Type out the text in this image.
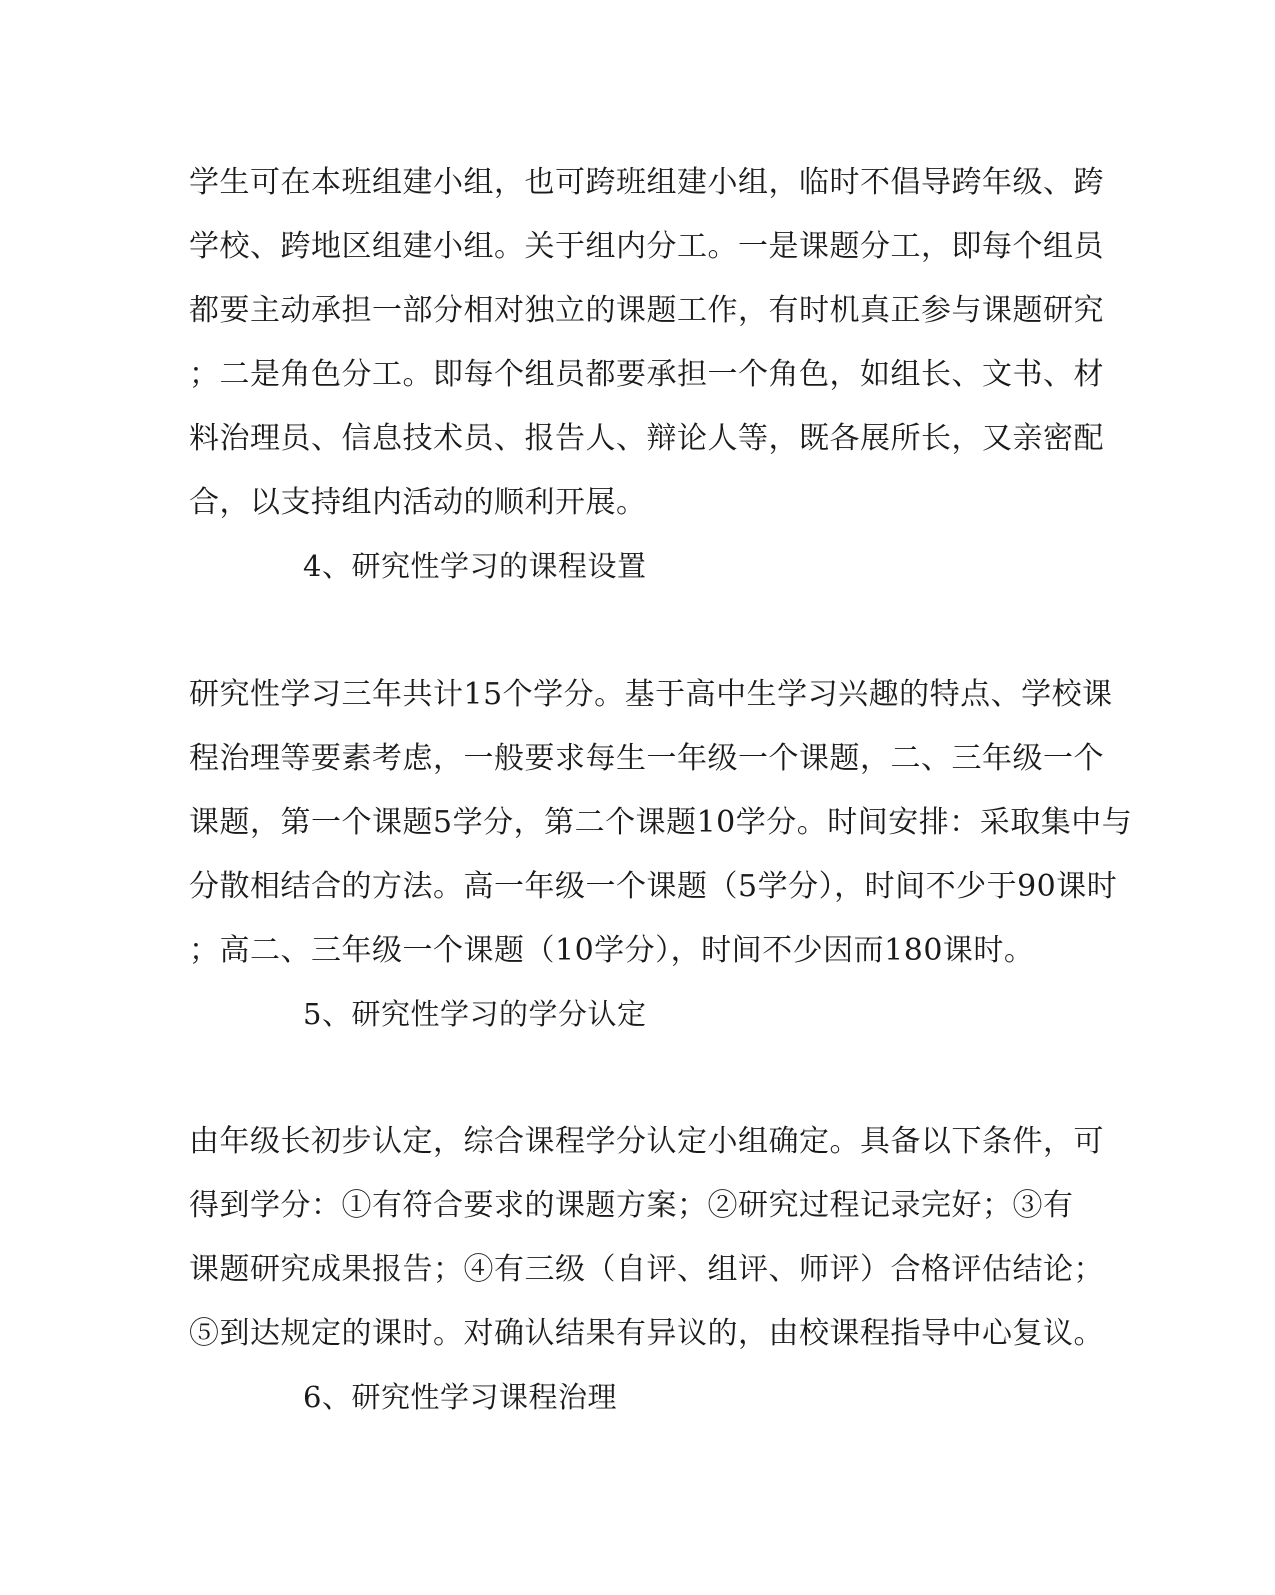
学生可在本班组建小组，也可跨班组建小组，临时不倡导跨年级、跨
学校、跨地区组建小组。关于组内分工。一是课题分工，即每个组员
都要主动承担一部分相对独立的课题工作，有时机真正参与课题研究
；二是角色分工。即每个组员都要承担一个角色，如组长、文书、材
料治理员、信息技术员、报告人、辩论人等，既各展所长，又亲密配
合，以支持组内活动的顺利开展。
4、研究性学习的课程设置
研究性学习三年共计15个学分。基于高中生学习兴趣的特点、学校课
程治理等要素考虑，一般要求每生一年级一个课题，二、三年级一个
课题，第一个课题5学分，第二个课题10学分。时间安排：采取集中与
分散相结合的方法。高一年级一个课题（5学分），时间不少于90课时
；高二、三年级一个课题（10学分），时间不少因而180课时。
5、研究性学习的学分认定
由年级长初步认定，综合课程学分认定小组确定。具备以下条件，可
得到学分：①有符合要求的课题方案；②研究过程记录完好；③有
课题研究成果报告；④有三级（自评、组评、师评）合格评估结论；
⑤到达规定的课时。对确认结果有异议的，由校课程指导中心复议。
6、研究性学习课程治理
